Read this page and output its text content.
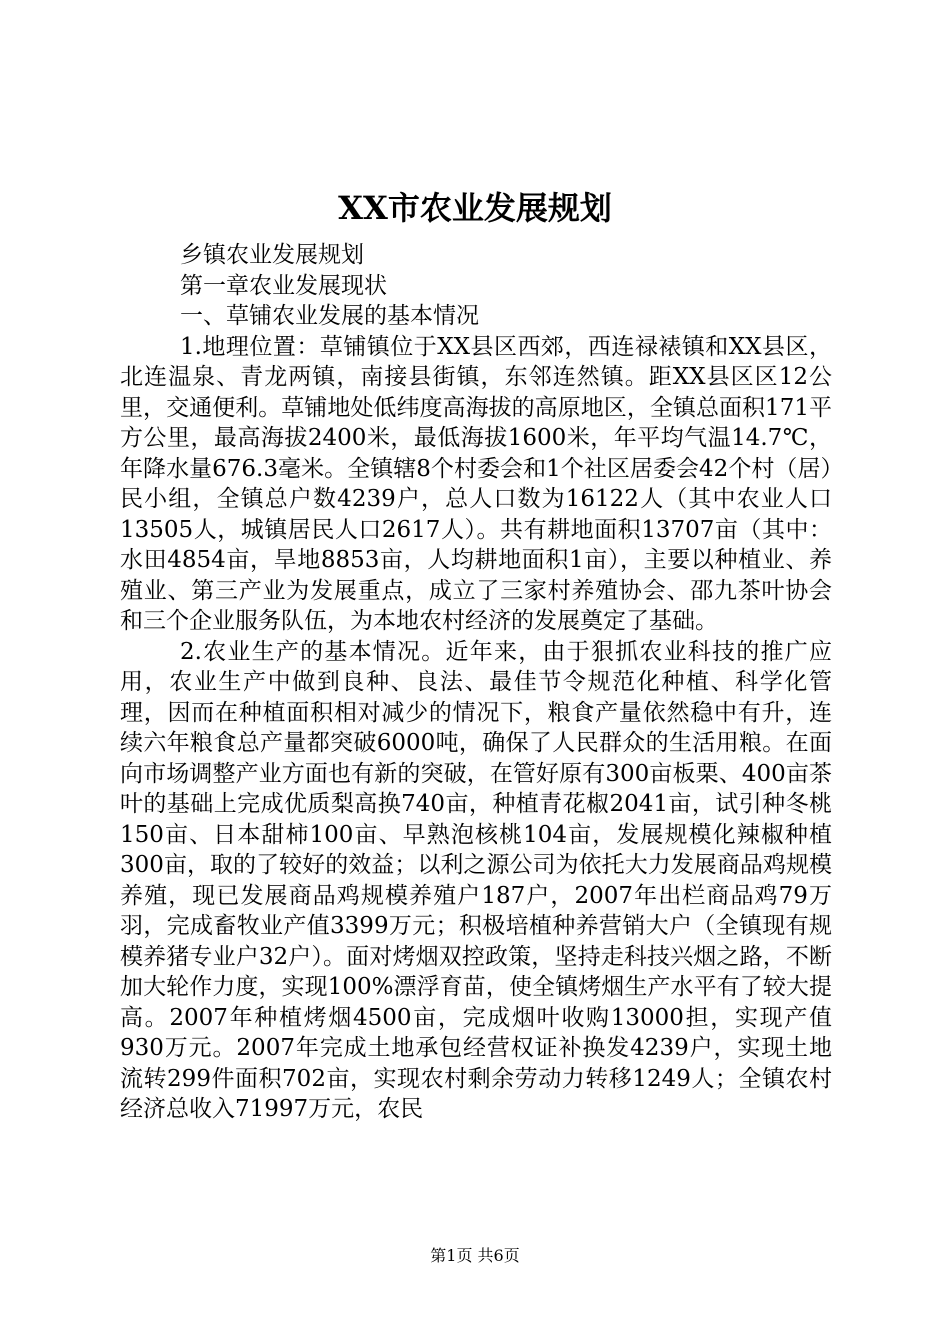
XX市农业发展规划

乡镇农业发展规划

第一章农业发展现状

一、草铺农业发展的基本情况

1.地理位置：草铺镇位于XX县区西郊，西连禄裱镇和XX县区，北连温泉、青龙两镇，南接县街镇，东邻连然镇。距XX县区区12公里，交通便利。草铺地处低纬度高海拔的高原地区，全镇总面积171平方公里，最高海拔2400米，最低海拔1600米，年平均气温14.7℃，年降水量676.3毫米。全镇辖8个村委会和1个社区居委会42个村（居）民小组，全镇总户数4239户，总人口数为16122人（其中农业人口13505人，城镇居民人口2617人）。共有耕地面积13707亩（其中：水田4854亩，旱地8853亩，人均耕地面积1亩），主要以种植业、养殖业、第三产业为发展重点，成立了三家村养殖协会、邵九茶叶协会和三个企业服务队伍，为本地农村经济的发展奠定了基础。

2.农业生产的基本情况。近年来，由于狠抓农业科技的推广应用，农业生产中做到良种、良法、最佳节令规范化种植、科学化管理，因而在种植面积相对减少的情况下，粮食产量依然稳中有升，连续六年粮食总产量都突破6000吨，确保了人民群众的生活用粮。在面向市场调整产业方面也有新的突破，在管好原有300亩板栗、400亩茶叶的基础上完成优质梨高换740亩，种植青花椒2041亩，试引种冬桃150亩、日本甜柿100亩、早熟泡核桃104亩，发展规模化辣椒种植300亩，取的了较好的效益；以利之源公司为依托大力发展商品鸡规模养殖，现已发展商品鸡规模养殖户187户，2007年出栏商品鸡79万羽，完成畜牧业产值3399万元；积极培植种养营销大户（全镇现有规模养猪专业户32户）。面对烤烟双控政策，坚持走科技兴烟之路，不断加大轮作力度，实现100%漂浮育苗，使全镇烤烟生产水平有了较大提高。2007年种植烤烟4500亩，完成烟叶收购13000担，实现产值930万元。2007年完成土地承包经营权证补换发4239户，实现土地流转299件面积702亩，实现农村剩余劳动力转移1249人；全镇农村经济总收入71997万元，农民

第1页 共6页
